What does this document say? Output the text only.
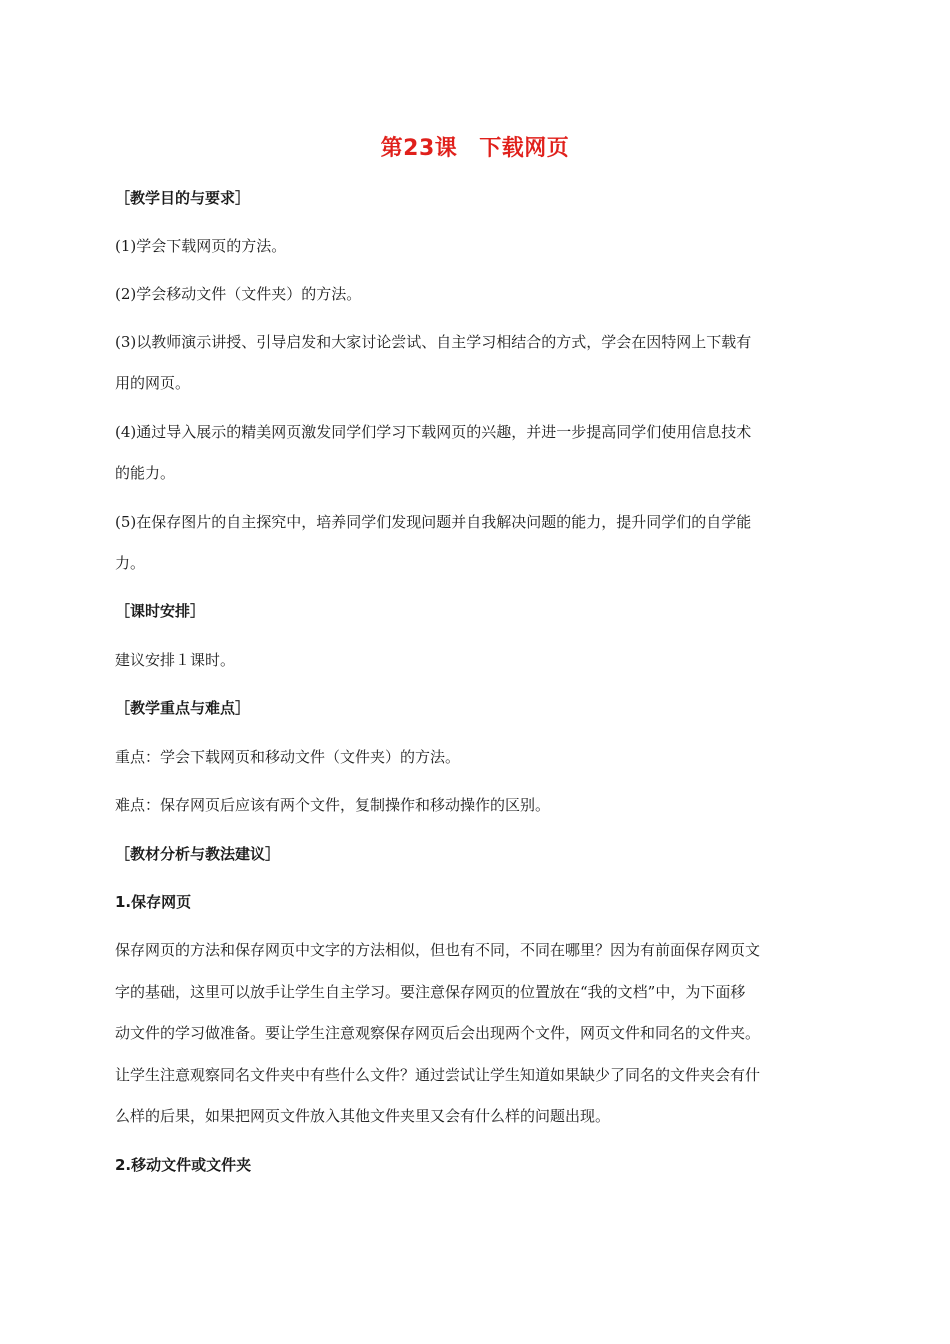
第23课 下载网页
［教学目的与要求］
(1)学会下载网页的方法。
(2)学会移动文件（文件夹）的方法。
(3)以教师演示讲授、引导启发和大家讨论尝试、自主学习相结合的方式，学会在因特网上下载有
用的网页。
(4)通过导入展示的精美网页激发同学们学习下载网页的兴趣，并进一步提高同学们使用信息技术
的能力。
(5)在保存图片的自主探究中，培养同学们发现问题并自我解决问题的能力，提升同学们的自学能
力。
［课时安排］
建议安排１课时。
［教学重点与难点］
重点：学会下载网页和移动文件（文件夹）的方法。
难点：保存网页后应该有两个文件，复制操作和移动操作的区别。
［教材分析与教法建议］
1.保存网页
保存网页的方法和保存网页中文字的方法相似，但也有不同，不同在哪里？因为有前面保存网页文
字的基础，这里可以放手让学生自主学习。要注意保存网页的位置放在“我的文档”中，为下面移
动文件的学习做准备。要让学生注意观察保存网页后会出现两个文件，网页文件和同名的文件夹。
让学生注意观察同名文件夹中有些什么文件？通过尝试让学生知道如果缺少了同名的文件夹会有什
么样的后果，如果把网页文件放入其他文件夹里又会有什么样的问题出现。
2.移动文件或文件夹
